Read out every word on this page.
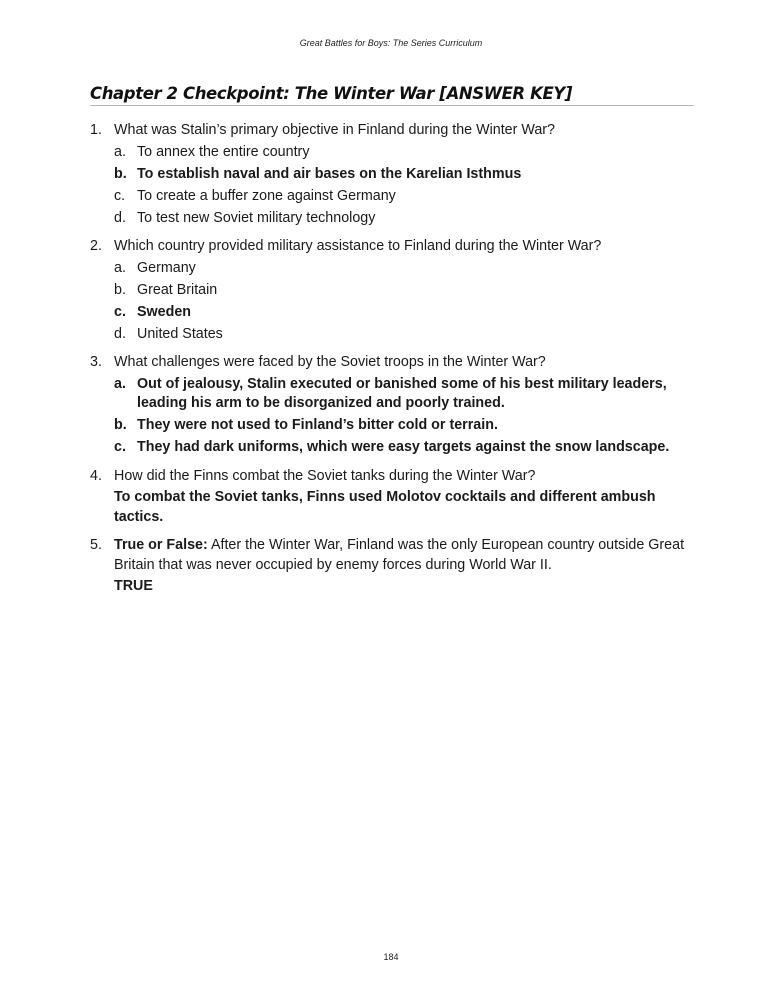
Great Battles for Boys: The Series Curriculum
Chapter 2 Checkpoint: The Winter War [ANSWER KEY]
1. What was Stalin’s primary objective in Finland during the Winter War?
a. To annex the entire country
b. To establish naval and air bases on the Karelian Isthmus
c. To create a buffer zone against Germany
d. To test new Soviet military technology
2. Which country provided military assistance to Finland during the Winter War?
a. Germany
b. Great Britain
c. Sweden
d. United States
3. What challenges were faced by the Soviet troops in the Winter War?
a. Out of jealousy, Stalin executed or banished some of his best military leaders, leading his arm to be disorganized and poorly trained.
b. They were not used to Finland’s bitter cold or terrain.
c. They had dark uniforms, which were easy targets against the snow landscape.
4. How did the Finns combat the Soviet tanks during the Winter War?
To combat the Soviet tanks, Finns used Molotov cocktails and different ambush tactics.
5. True or False: After the Winter War, Finland was the only European country outside Great Britain that was never occupied by enemy forces during World War II.
TRUE
184
